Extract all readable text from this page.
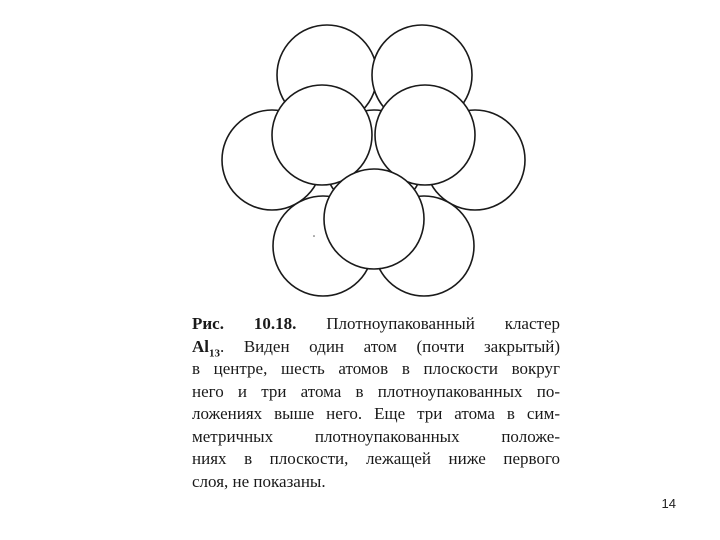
Рис. 10.18. Плотноупакованный кластер
$Al_{13}$. Виден один атом (почти закрытый)
в центре, шесть атомов в плоскости вокруг
него и три атома в плотноупакованных по-
ложениях выше него. Еще три атома в сим-
метричных плотноупакованных положе-
ниях в плоскости, лежащей ниже первого
слоя, не показаны.
14
